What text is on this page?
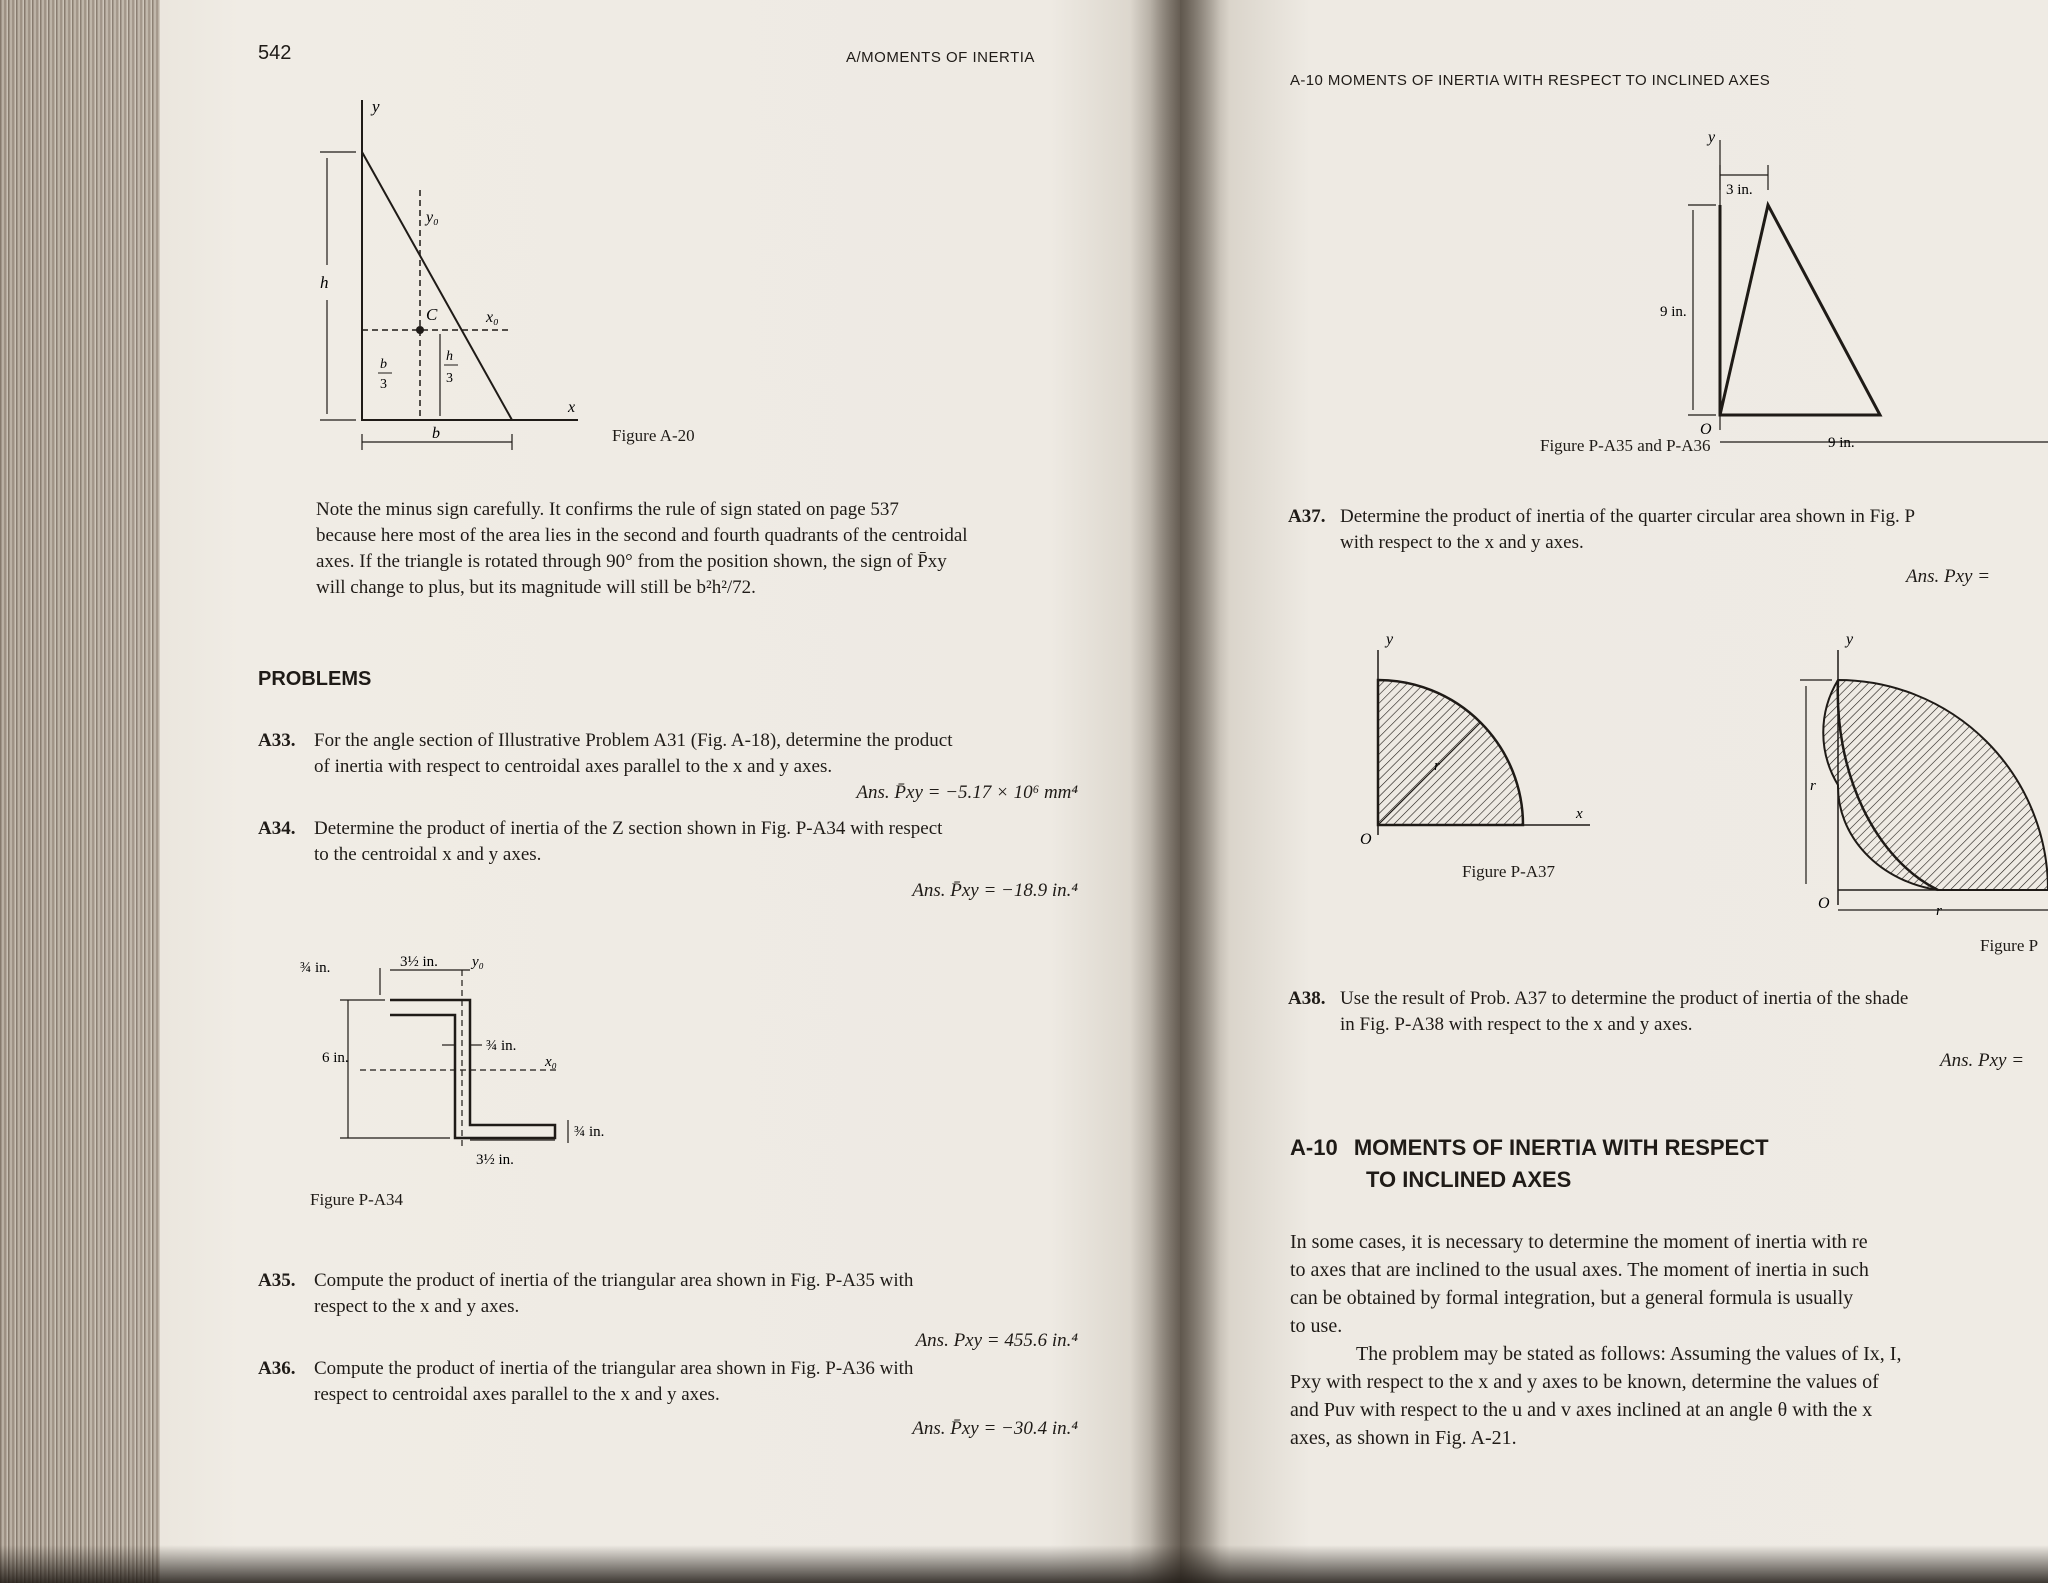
542	A/MOMENTS OF INERTIA
y
y₀
x
x₀
h
C
b
b
3
h
3
Figure A-20
Note the minus sign carefully. It confirms the rule of sign stated on page 537
because here most of the area lies in the second and fourth quadrants of the centroidal
axes. If the triangle is rotated through 90° from the position shown, the sign of P̄xy
will change to plus, but its magnitude will still be b²h²/72.
PROBLEMS
A33. For the angle section of Illustrative Problem A31 (Fig. A-18), determine the product
of inertia with respect to centroidal axes parallel to the x and y axes.
Ans. P̄xy = −5.17 × 10⁶ mm⁴
A34. Determine the product of inertia of the Z section shown in Fig. P-A34 with respect
to the centroidal x and y axes.
Ans. P̄xy = −18.9 in.⁴
¾ in.	3½ in. y₀
¾ in.
6 in.	x₀
¾ in.
3½ in.
Figure P-A34
A35. Compute the product of inertia of the triangular area shown in Fig. P-A35 with
respect to the x and y axes.
Ans. Pxy = 455.6 in.⁴
A36. Compute the product of inertia of the triangular area shown in Fig. P-A36 with
respect to centroidal axes parallel to the x and y axes.
Ans. P̄xy = −30.4 in.⁴
A-10 MOMENTS OF INERTIA WITH RESPECT TO INCLINED AXES
y
3 in.
9 in.
O
9 in.
Figure P-A35 and P-A36
A37. Determine the product of inertia of the quarter circular area shown in Fig. P
with respect to the x and y axes.
Ans. Pxy =
y
r
O
x
Figure P-A37
y
r
O	r
Figure P
A38. Use the result of Prob. A37 to determine the product of inertia of the shade
in Fig. P-A38 with respect to the x and y axes.
Ans. Pxy =
A-10 MOMENTS OF INERTIA WITH RESPECT
TO INCLINED AXES
In some cases, it is necessary to determine the moment of inertia with re
to axes that are inclined to the usual axes. The moment of inertia in such
can be obtained by formal integration, but a general formula is usually
to use.
The problem may be stated as follows: Assuming the values of Ix, I,
Pxy with respect to the x and y axes to be known, determine the values of
and Puv with respect to the u and v axes inclined at an angle θ with the x
axes, as shown in Fig. A-21.
